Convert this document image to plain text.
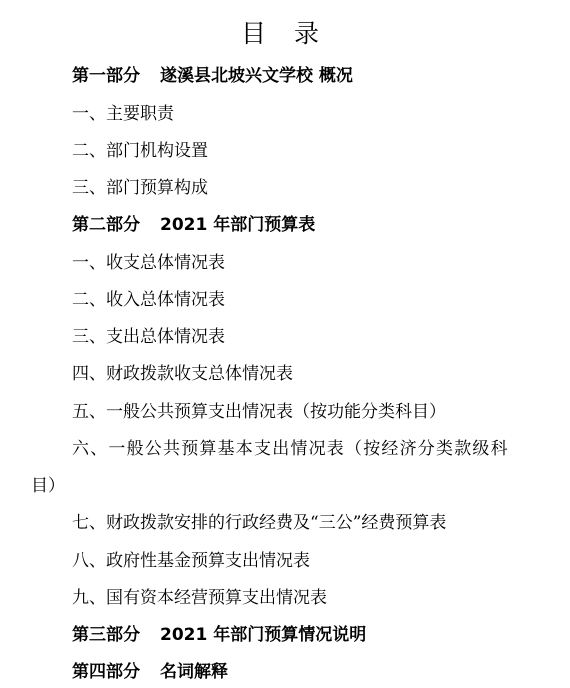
目 录
第一部分 遂溪县北坡兴文学校 概况
一、主要职责
二、部门机构设置
三、部门预算构成
第二部分 2021 年部门预算表
一、收支总体情况表
二、收入总体情况表
三、支出总体情况表
四、财政拨款收支总体情况表
五、一般公共预算支出情况表（按功能分类科目）
六、一般公共预算基本支出情况表（按经济分类款级科
目）
七、财政拨款安排的行政经费及“三公”经费预算表
八、政府性基金预算支出情况表
九、国有资本经营预算支出情况表
第三部分 2021 年部门预算情况说明
第四部分 名词解释
